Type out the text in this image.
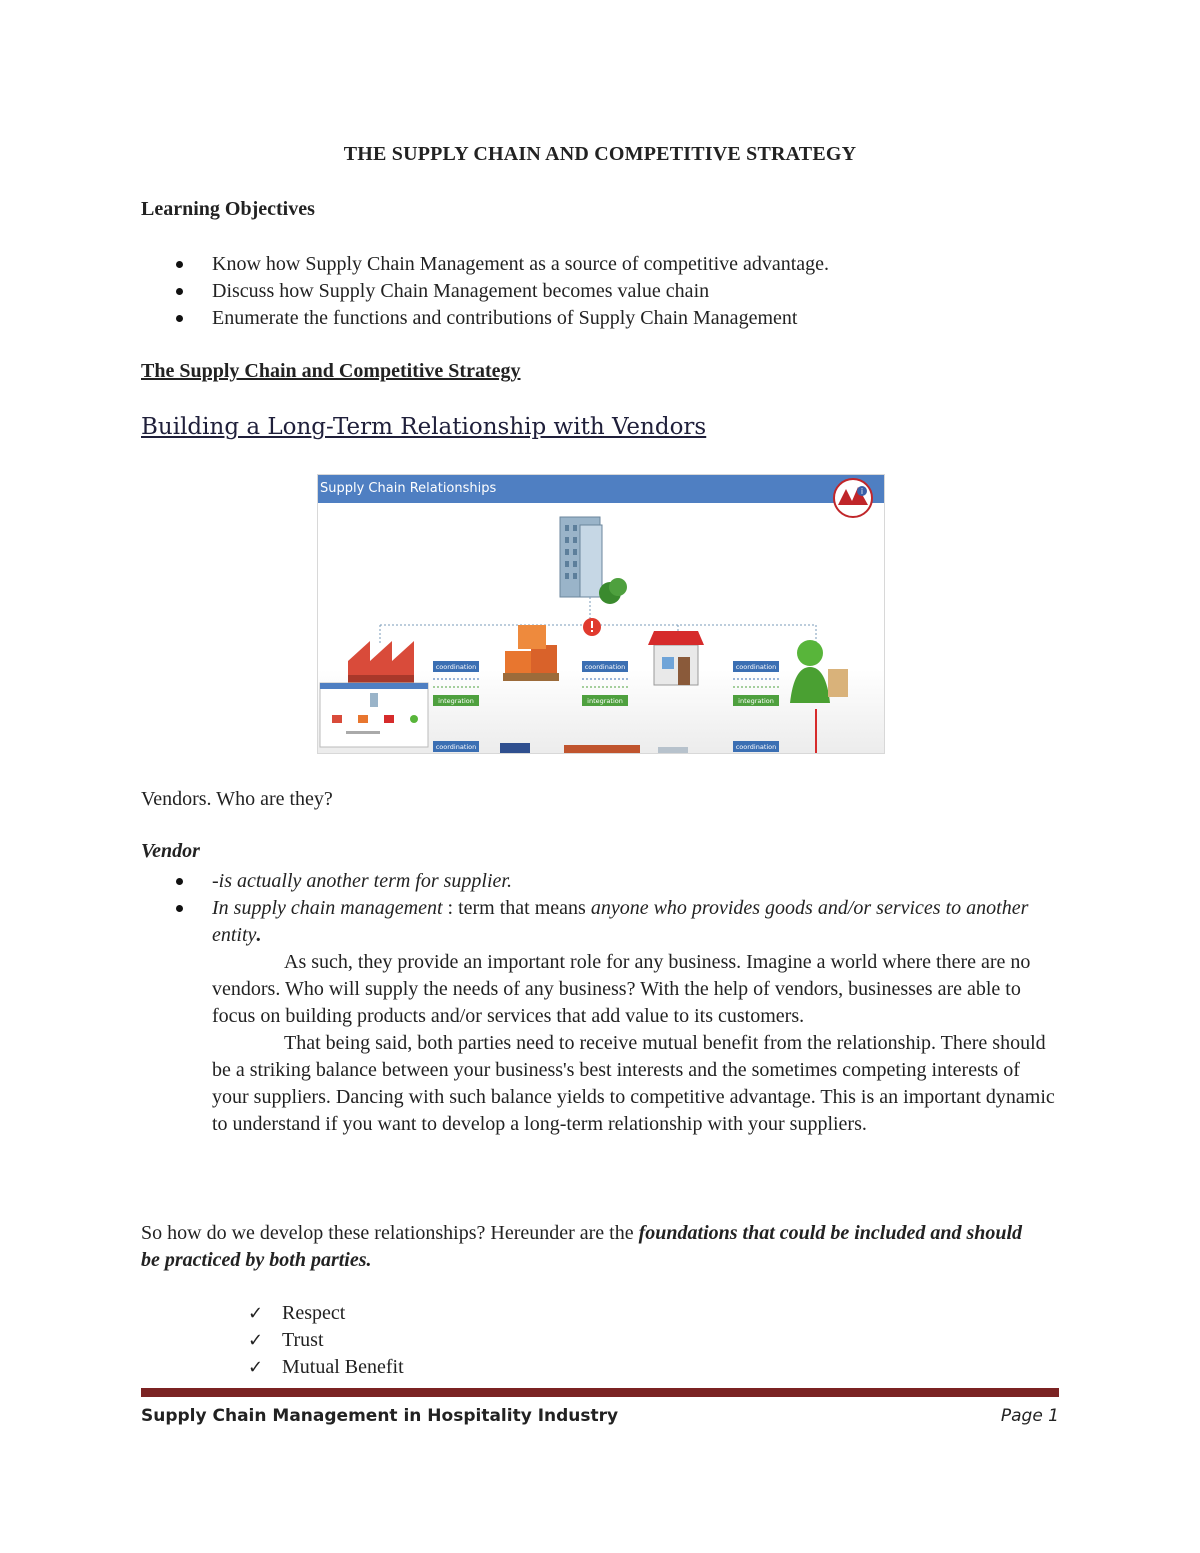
THE SUPPLY CHAIN AND COMPETITIVE STRATEGY
Learning Objectives
Know how Supply Chain Management as a source of competitive advantage.
Discuss how Supply Chain Management becomes value chain
Enumerate the functions and contributions of Supply Chain Management
The Supply Chain and Competitive Strategy
Building a Long-Term Relationship with Vendors
Supply Chain Relationships	i
coordination
integration
coordination
integration
coordination
integration
coordination	coordination
Vendors. Who are they?
Vendor
-is actually another term for supplier.
In supply chain management : term that means anyone who provides goods and/or services to another entity.

As such, they provide an important role for any business. Imagine a world where there are no vendors. Who will supply the needs of any business? With the help of vendors, businesses are able to focus on building products and/or services that add value to its customers.

That being said, both parties need to receive mutual benefit from the relationship. There should be a striking balance between your business's best interests and the sometimes competing interests of your suppliers. Dancing with such balance yields to competitive advantage. This is an important dynamic to understand if you want to develop a long-term relationship with your suppliers.

So how do we develop these relationships? Hereunder are the foundations that could be included and should be practiced by both parties.
✓ Respect
✓ Trust
✓ Mutual Benefit
Supply Chain Management in Hospitality Industry	Page 1
